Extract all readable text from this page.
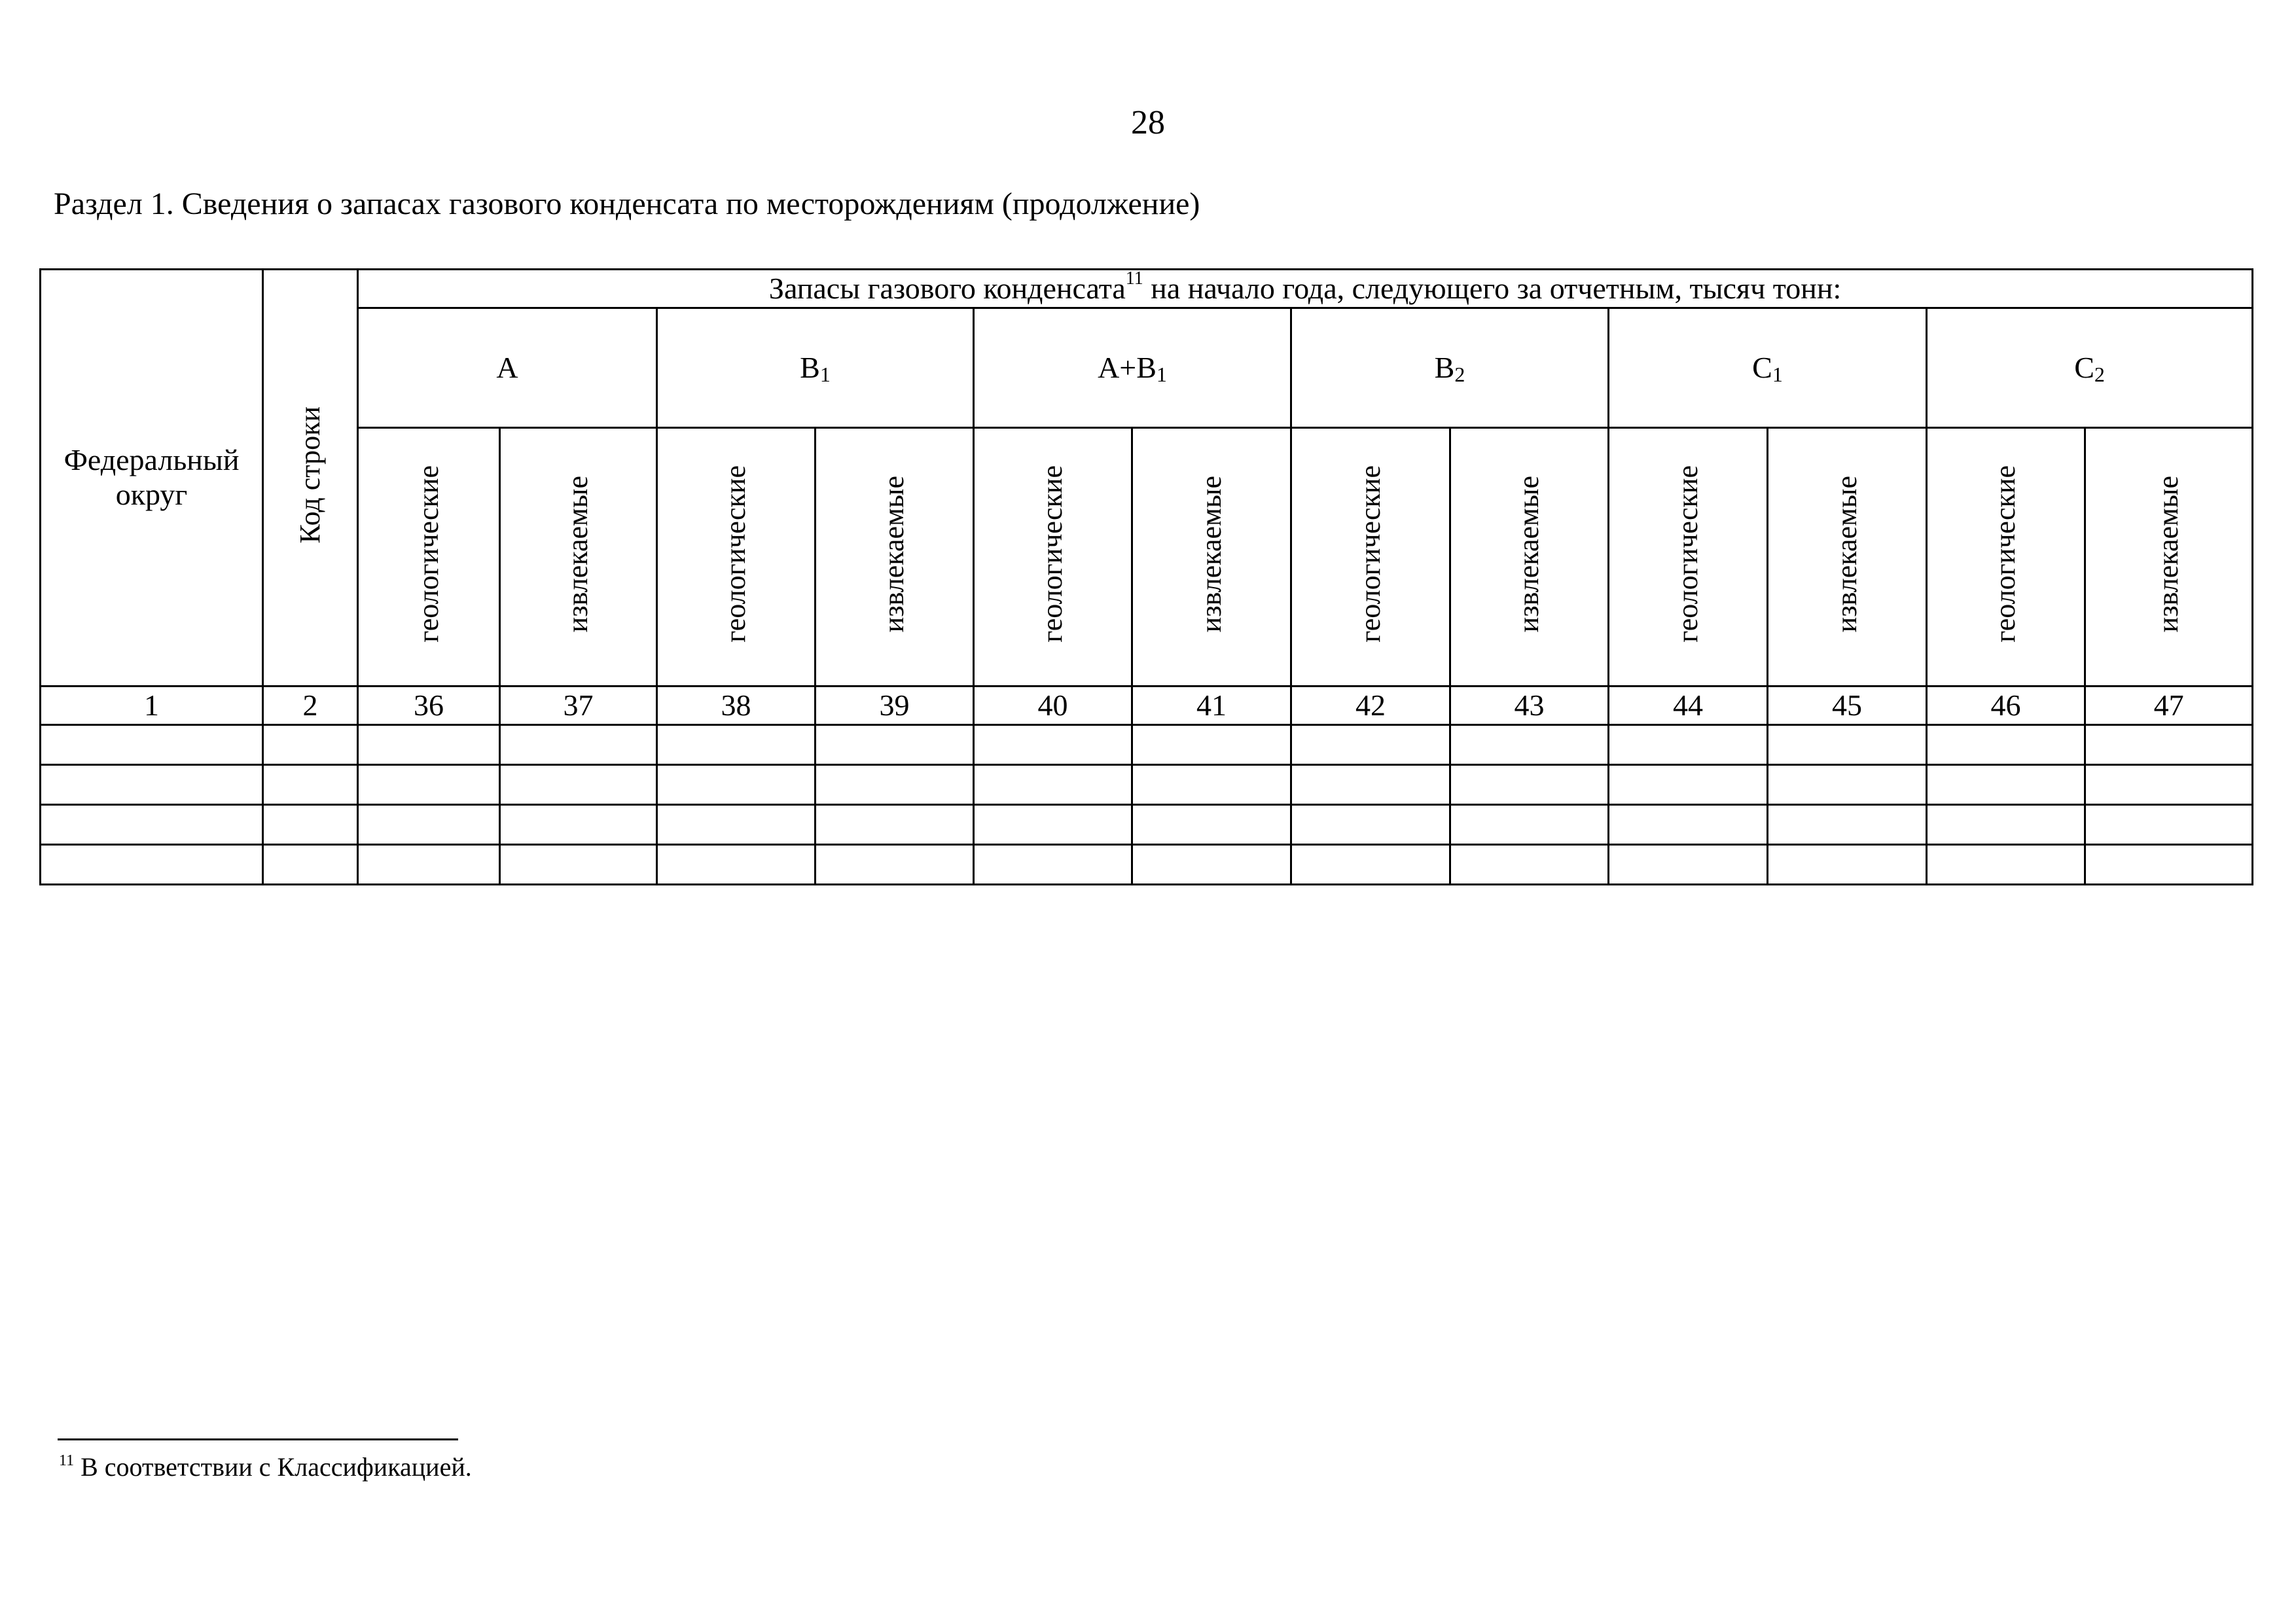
28
Раздел 1. Сведения о запасах газового конденсата по месторождениям (продолжение)
Федеральный округ	Код строки	Запасы газового конденсата$^{11}$ на начало года, следующего за отчетным, тысяч тонн:											
		A		$B_1$		$A+B_1$		$B_2$		$C_1$		$C_2$
		геологические	извлекаемые	геологические	извлекаемые	геологические	извлекаемые	геологические	извлекаемые	геологические	извлекаемые	геологические	извлекаемые
1	2	36	37	38	39	40	41	42	43	44	45	46	47

$^{11}$ В соответствии с Классификацией.
